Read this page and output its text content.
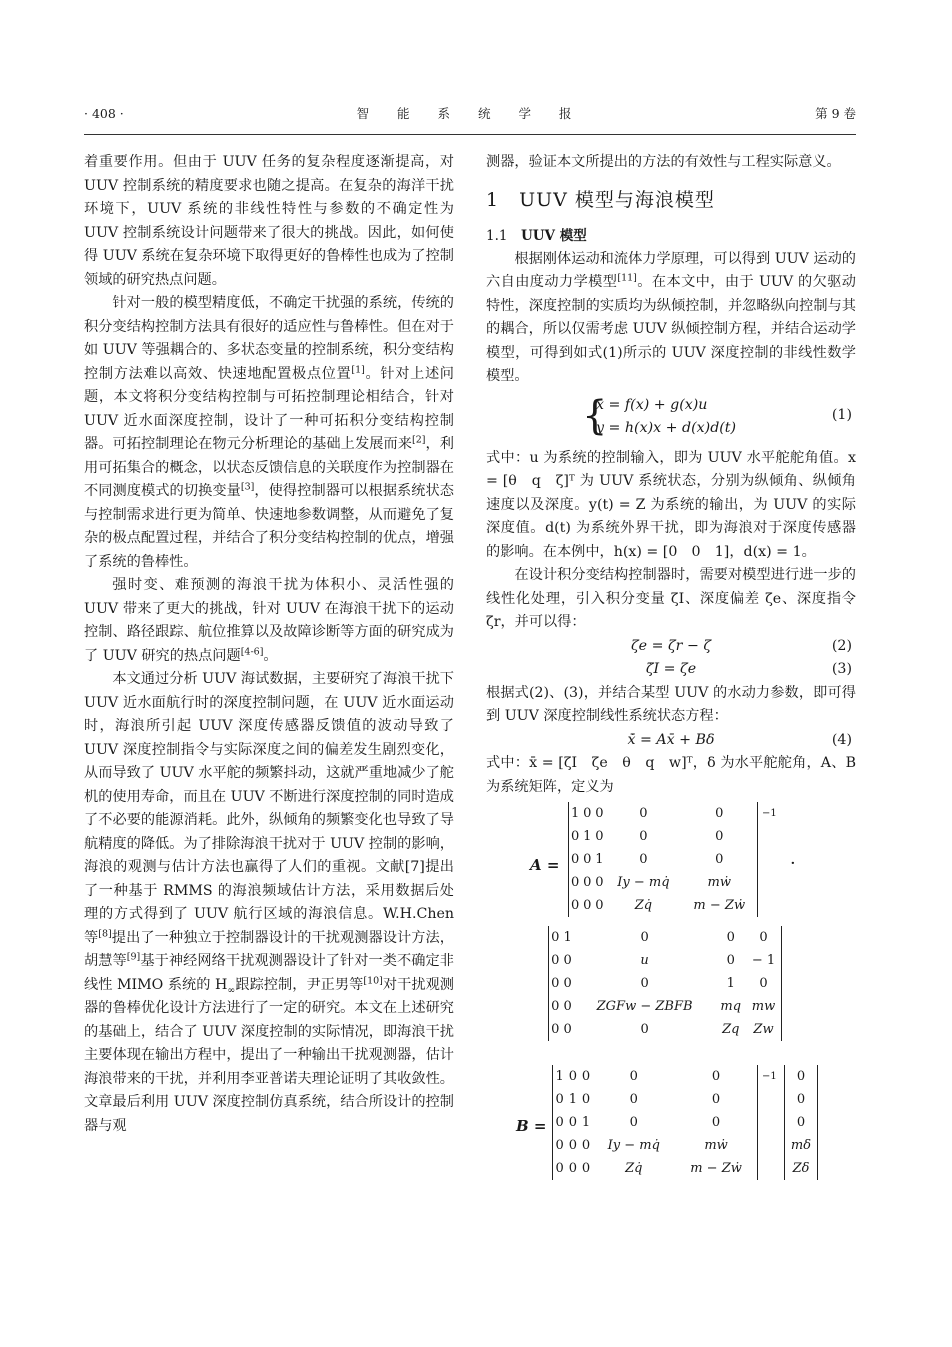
· 408 ·	智 能 系 统 学 报	第 9 卷

着重要作用。但由于 UUV 任务的复杂程度逐渐提高，对 UUV 控制系统的精度要求也随之提高。在复杂的海洋干扰环境下，UUV 系统的非线性特性与参数的不确定性为 UUV 控制系统设计问题带来了很大的挑战。因此，如何使得 UUV 系统在复杂环境下取得更好的鲁棒性也成为了控制领域的研究热点问题。

针对一般的模型精度低，不确定干扰强的系统，传统的积分变结构控制方法具有很好的适应性与鲁棒性。但在对于如 UUV 等强耦合的、多状态变量的控制系统，积分变结构控制方法难以高效、快速地配置极点位置[1]。针对上述问题，本文将积分变结构控制与可拓控制理论相结合，针对 UUV 近水面深度控制，设计了一种可拓积分变结构控制器。可拓控制理论在物元分析理论的基础上发展而来[2]，利用可拓集合的概念，以状态反馈信息的关联度作为控制器在不同测度模式的切换变量[3]，使得控制器可以根据系统状态与控制需求进行更为简单、快速地参数调整，从而避免了复杂的极点配置过程，并结合了积分变结构控制的优点，增强了系统的鲁棒性。

强时变、难预测的海浪干扰为体积小、灵活性强的 UUV 带来了更大的挑战，针对 UUV 在海浪干扰下的运动控制、路径跟踪、航位推算以及故障诊断等方面的研究成为了 UUV 研究的热点问题[4-6]。

本文通过分析 UUV 海试数据，主要研究了海浪干扰下 UUV 近水面航行时的深度控制问题，在 UUV 近水面运动时，海浪所引起 UUV 深度传感器反馈值的波动导致了 UUV 深度控制指令与实际深度之间的偏差发生剧烈变化，从而导致了 UUV 水平舵的频繁抖动，这就严重地减少了舵机的使用寿命，而且在 UUV 不断进行深度控制的同时造成了不必要的能源消耗。此外，纵倾角的频繁变化也导致了导航精度的降低。为了排除海浪干扰对于 UUV 控制的影响，海浪的观测与估计方法也赢得了人们的重视。文献[7]提出了一种基于 RMMS 的海浪频域估计方法，采用数据后处理的方式得到了 UUV 航行区域的海浪信息。W.H.Chen 等[8]提出了一种独立于控制器设计的干扰观测器设计方法，胡慧等[9]基于神经网络干扰观测器设计了针对一类不确定非线性 MIMO 系统的 $H_\infty$跟踪控制，尹正男等[10]对干扰观测器的鲁棒优化设计方法进行了一定的研究。本文在上述研究的基础上，结合了 UUV 深度控制的实际情况，即海浪干扰主要体现在输出方程中，提出了一种输出干扰观测器，估计海浪带来的干扰，并利用李亚普诺夫理论证明了其收敛性。文章最后利用 UUV 深度控制仿真系统，结合所设计的控制器与观

测器，验证本文所提出的方法的有效性与工程实际意义。

1　UUV 模型与海浪模型
1.1　 UUV 模型

根据刚体运动和流体力学原理，可以得到 UUV 运动的六自由度动力学模型[11]。在本文中，由于 UUV 的欠驱动特性，深度控制的实质均为纵倾控制，并忽略纵向控制与其的耦合，所以仅需考虑 UUV 纵倾控制方程，并结合运动学模型，可得到如式(1)所示的 UUV 深度控制的非线性数学模型。

{
ẋ = f(x) + g(x)u
y = h(x)x + d(x)d(t)
(1)

式中：u 为系统的控制输入，即为 UUV 水平舵舵角值。x = [θ　q　ζ]ᵀ 为 UUV 系统状态，分别为纵倾角、纵倾角速度以及深度。y(t) = Z 为系统的输出，为 UUV 的实际深度值。d(t) 为系统外界干扰，即为海浪对于深度传感器的影响。在本例中，h(x) = [0　0　1]，d(x) = 1。

在设计积分变结构控制器时，需要对模型进行进一步的线性化处理，引入积分变量 ζI、深度偏差 ζe、深度指令 ζr，并可以得：

ζe = ζr − ζ	(2)
ζ̇I = ζe	(3)

根据式(2)、(3)，并结合某型 UUV 的水动力参数，即可得到 UUV 深度控制线性系统状态方程：

x̄̇ = Ax̄ + Bδ	(4)

式中：x̄ = [ζI　ζe　θ　q　w]ᵀ，δ 为水平舵舵角，A、B 为系统矩阵，定义为

A =
1	0	0	0	0
0	1	0	0	0
0	0	1	0	0
0	0	0	Iy − mq̇	mẇ
0	0	0	Zq̇	m − Zẇ
−1
·
0	1	0	0	0
0	0	u	0	− 1
0	0	0	1	0
0	0	ZGFw − ZBFB	mq	mw
0	0	0	Zq	Zw
B =
1	0	0	0	0
0	1	0	0	0
0	0	1	0	0
0	0	0	Iy − mq̇	mẇ
0	0	0	Zq̇	m − Zẇ
−1 0
0
0
mδ
Zδ
